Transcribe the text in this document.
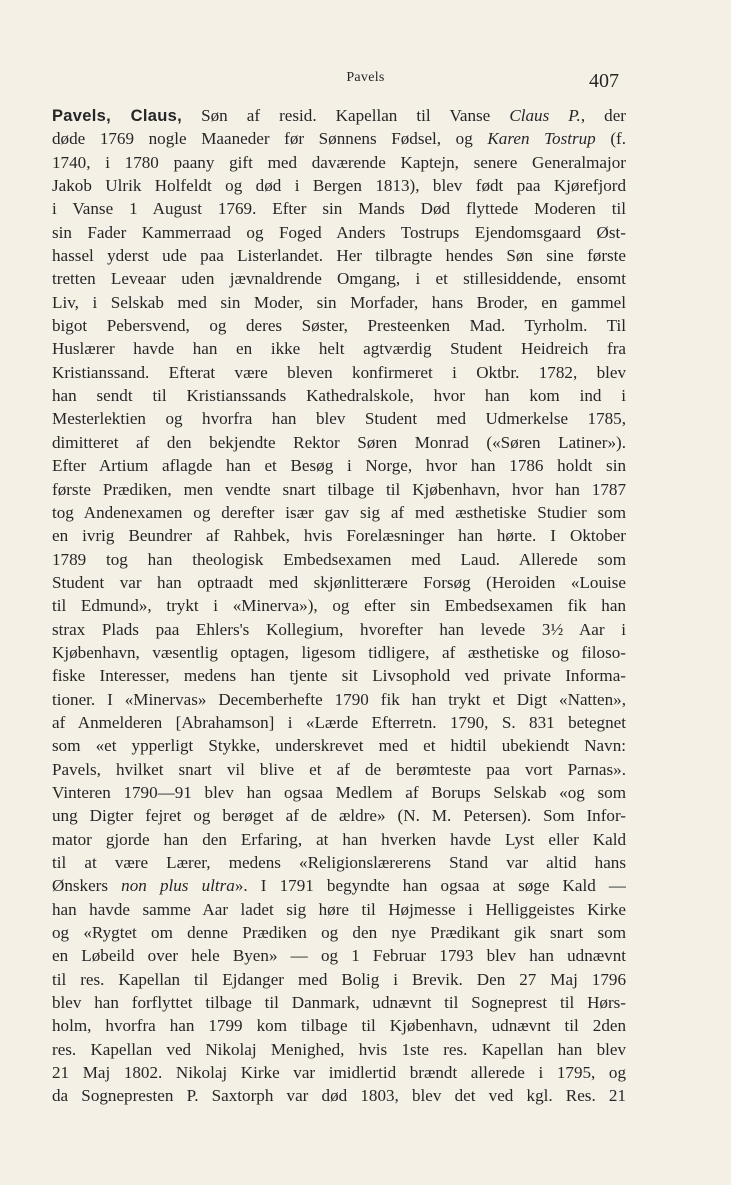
Pavels	407
Pavels, Claus, Søn af resid. Kapellan til Vanse Claus P., der
døde 1769 nogle Maaneder før Sønnens Fødsel, og Karen Tostrup (f.
1740, i 1780 paany gift med daværende Kaptejn, senere Generalmajor
Jakob Ulrik Holfeldt og død i Bergen 1813), blev født paa Kjørefjord
i Vanse 1 August 1769. Efter sin Mands Død flyttede Moderen til
sin Fader Kammerraad og Foged Anders Tostrups Ejendomsgaard Øst-
hassel yderst ude paa Listerlandet. Her tilbragte hendes Søn sine første
tretten Leveaar uden jævnaldrende Omgang, i et stillesiddende, ensomt
Liv, i Selskab med sin Moder, sin Morfader, hans Broder, en gammel
bigot Pebersvend, og deres Søster, Presteenken Mad. Tyrholm. Til
Huslærer havde han en ikke helt agtværdig Student Heidreich fra
Kristianssand. Efterat være bleven konfirmeret i Oktbr. 1782, blev
han sendt til Kristianssands Kathedralskole, hvor han kom ind i
Mesterlektien og hvorfra han blev Student med Udmerkelse 1785,
dimitteret af den bekjendte Rektor Søren Monrad («Søren Latiner»).
Efter Artium aflagde han et Besøg i Norge, hvor han 1786 holdt sin
første Prædiken, men vendte snart tilbage til Kjøbenhavn, hvor han 1787
tog Andenexamen og derefter især gav sig af med æsthetiske Studier som
en ivrig Beundrer af Rahbek, hvis Forelæsninger han hørte. I Oktober
1789 tog han theologisk Embedsexamen med Laud. Allerede som
Student var han optraadt med skjønlitterære Forsøg (Heroiden «Louise
til Edmund», trykt i «Minerva»), og efter sin Embedsexamen fik han
strax Plads paa Ehlers's Kollegium, hvorefter han levede 3½ Aar i
Kjøbenhavn, væsentlig optagen, ligesom tidligere, af æsthetiske og filoso-
fiske Interesser, medens han tjente sit Livsophold ved private Informa-
tioner. I «Minervas» Decemberhefte 1790 fik han trykt et Digt «Natten»,
af Anmelderen [Abrahamson] i «Lærde Efterretn. 1790, S. 831 betegnet
som «et ypperligt Stykke, underskrevet med et hidtil ubekiendt Navn:
Pavels, hvilket snart vil blive et af de berømteste paa vort Parnas».
Vinteren 1790—91 blev han ogsaa Medlem af Borups Selskab «og som
ung Digter fejret og berøget af de ældre» (N. M. Petersen). Som Infor-
mator gjorde han den Erfaring, at han hverken havde Lyst eller Kald
til at være Lærer, medens «Religionslærerens Stand var altid hans
Ønskers non plus ultra». I 1791 begyndte han ogsaa at søge Kald —
han havde samme Aar ladet sig høre til Højmesse i Helliggeistes Kirke
og «Rygtet om denne Prædiken og den nye Prædikant gik snart som
en Løbeild over hele Byen» — og 1 Februar 1793 blev han udnævnt
til res. Kapellan til Ejdanger med Bolig i Brevik. Den 27 Maj 1796
blev han forflyttet tilbage til Danmark, udnævnt til Sogneprest til Hørs-
holm, hvorfra han 1799 kom tilbage til Kjøbenhavn, udnævnt til 2den
res. Kapellan ved Nikolaj Menighed, hvis 1ste res. Kapellan han blev
21 Maj 1802. Nikolaj Kirke var imidlertid brændt allerede i 1795, og
da Sognepresten P. Saxtorph var død 1803, blev det ved kgl. Res. 21
